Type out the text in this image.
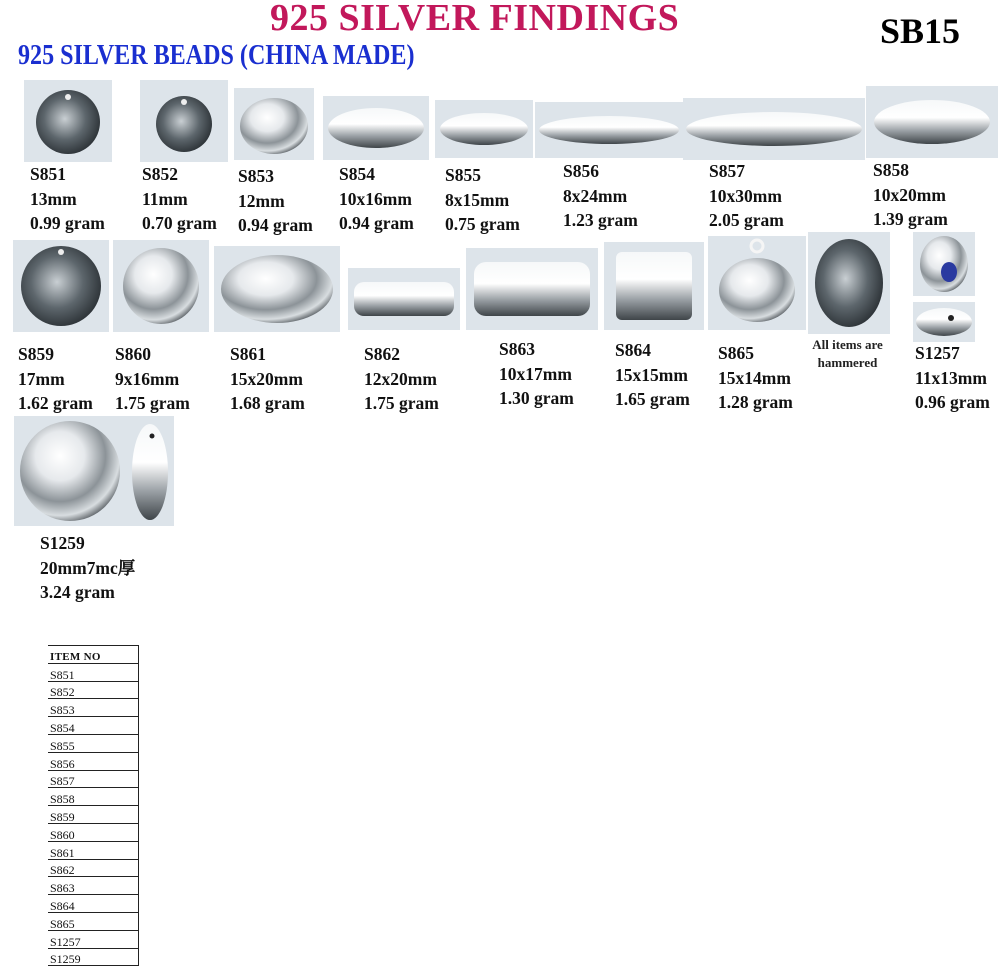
925 SILVER FINDINGS	SB15
925 SILVER BEADS (CHINA MADE)
S851
13mm
0.99 gram
S852
11mm
0.70 gram
S853
12mm
0.94 gram
S854
10x16mm
0.94 gram
S855
8x15mm
0.75 gram
S856
8x24mm
1.23 gram
S857
10x30mm
2.05 gram
S858
10x20mm
1.39 gram
All items are hammered
S859
17mm
1.62 gram
S860
9x16mm
1.75 gram
S861
15x20mm
1.68 gram
S862
12x20mm
1.75 gram
S863
10x17mm
1.30 gram
S864
15x15mm
1.65 gram
S865
15x14mm
1.28 gram
S1257
11x13mm
0.96 gram
S1259
20mm7mc厚
3.24 gram
ITEM NO
S851
S852
S853
S854
S855
S856
S857
S858
S859
S860
S861
S862
S863
S864
S865
S1257
S1259
